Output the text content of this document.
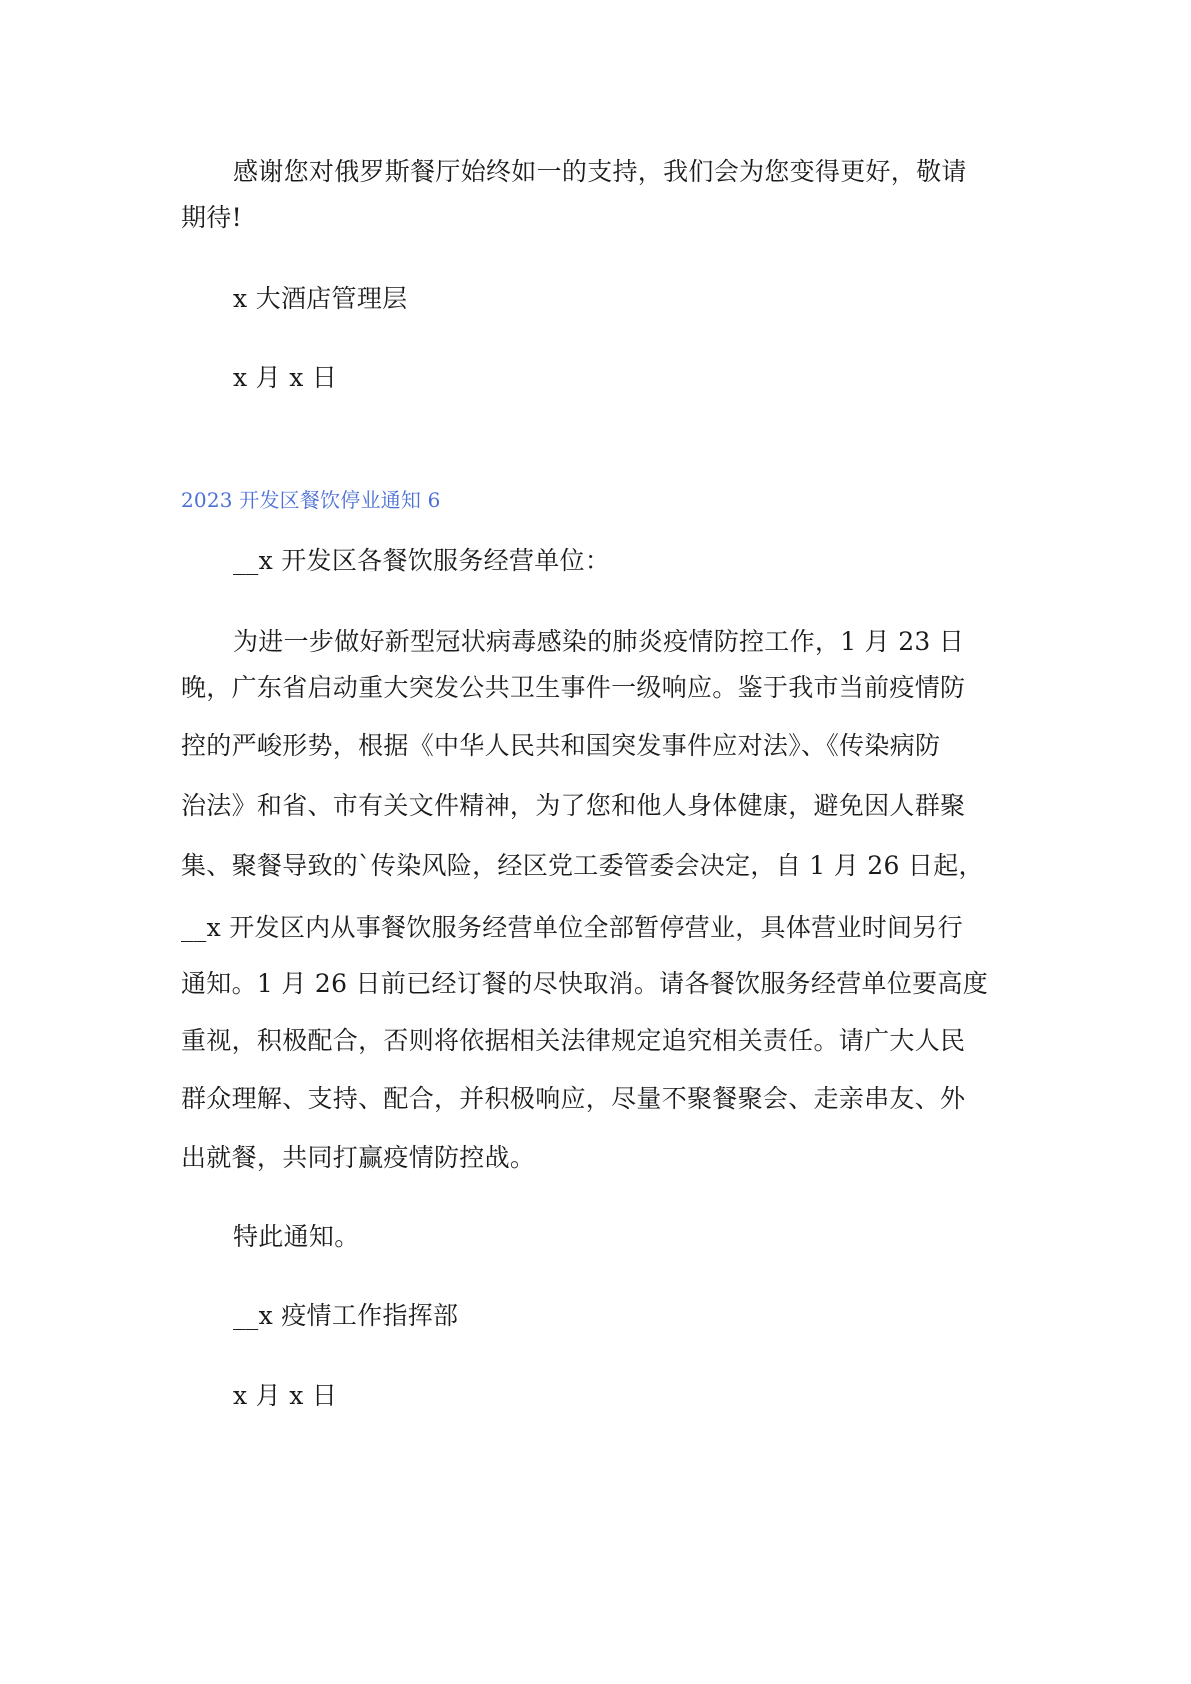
感谢您对俄罗斯餐厅始终如一的支持，我们会为您变得更好，敬请
期待!
x 大酒店管理层
x 月 x 日
2023 开发区餐饮停业通知 6
__x 开发区各餐饮服务经营单位：
为进一步做好新型冠状病毒感染的肺炎疫情防控工作，1 月 23 日
晚，广东省启动重大突发公共卫生事件一级响应。鉴于我市当前疫情防
控的严峻形势，根据《中华人民共和国突发事件应对法》、《传染病防
治法》和省、市有关文件精神，为了您和他人身体健康，避免因人群聚
集、聚餐导致的`传染风险，经区党工委管委会决定，自 1 月 26 日起，
__x 开发区内从事餐饮服务经营单位全部暂停营业，具体营业时间另行
通知。1 月 26 日前已经订餐的尽快取消。请各餐饮服务经营单位要高度
重视，积极配合，否则将依据相关法律规定追究相关责任。请广大人民
群众理解、支持、配合，并积极响应，尽量不聚餐聚会、走亲串友、外
出就餐，共同打赢疫情防控战。
特此通知。
__x 疫情工作指挥部
x 月 x 日
